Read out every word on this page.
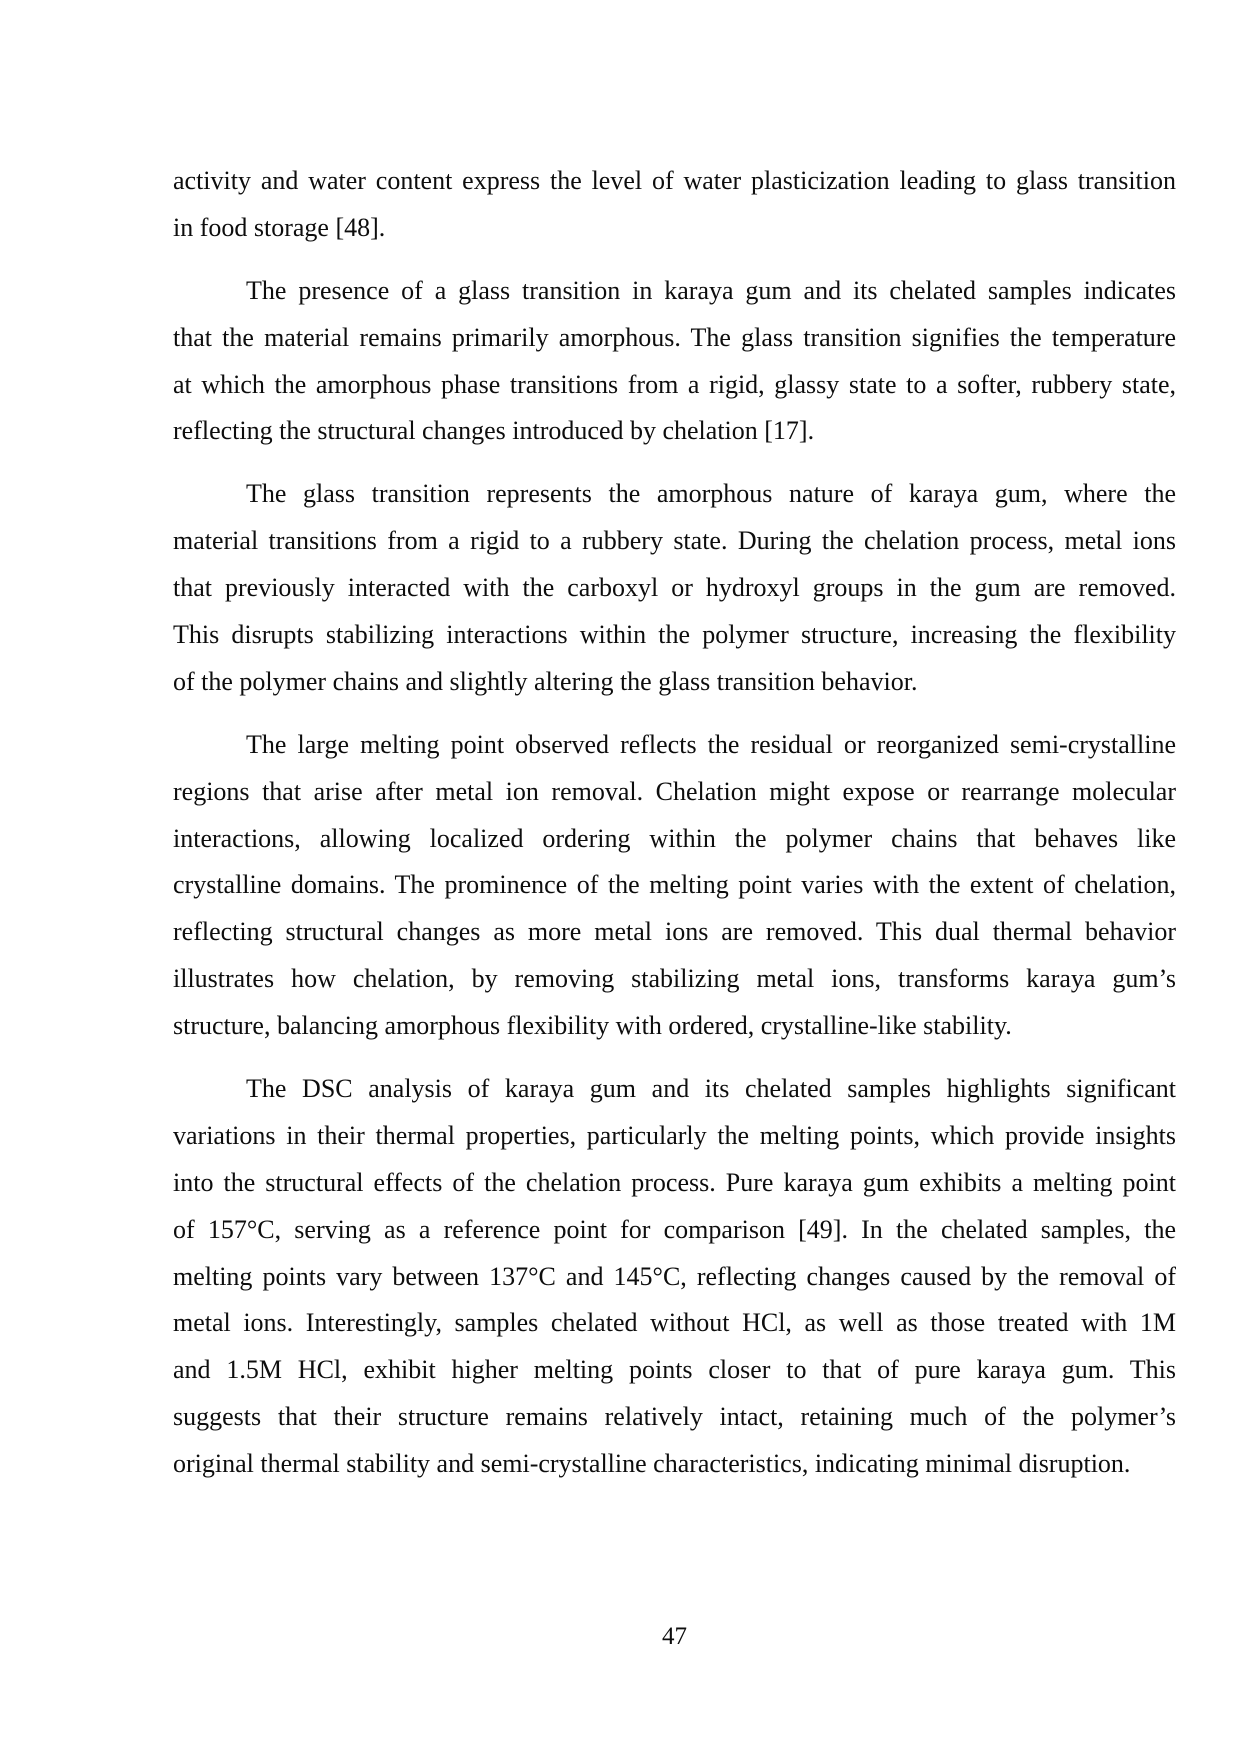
activity and water content express the level of water plasticization leading to glass transition
in food storage [48].
The presence of a glass transition in karaya gum and its chelated samples indicates
that the material remains primarily amorphous. The glass transition signifies the temperature
at which the amorphous phase transitions from a rigid, glassy state to a softer, rubbery state,
reflecting the structural changes introduced by chelation [17].
The glass transition represents the amorphous nature of karaya gum, where the
material transitions from a rigid to a rubbery state. During the chelation process, metal ions
that previously interacted with the carboxyl or hydroxyl groups in the gum are removed.
This disrupts stabilizing interactions within the polymer structure, increasing the flexibility
of the polymer chains and slightly altering the glass transition behavior.
The large melting point observed reflects the residual or reorganized semi-crystalline
regions that arise after metal ion removal. Chelation might expose or rearrange molecular
interactions, allowing localized ordering within the polymer chains that behaves like
crystalline domains. The prominence of the melting point varies with the extent of chelation,
reflecting structural changes as more metal ions are removed. This dual thermal behavior
illustrates how chelation, by removing stabilizing metal ions, transforms karaya gum’s
structure, balancing amorphous flexibility with ordered, crystalline-like stability.
The DSC analysis of karaya gum and its chelated samples highlights significant
variations in their thermal properties, particularly the melting points, which provide insights
into the structural effects of the chelation process. Pure karaya gum exhibits a melting point
of 157°C, serving as a reference point for comparison [49]. In the chelated samples, the
melting points vary between 137°C and 145°C, reflecting changes caused by the removal of
metal ions. Interestingly, samples chelated without HCl, as well as those treated with 1M
and 1.5M HCl, exhibit higher melting points closer to that of pure karaya gum. This
suggests that their structure remains relatively intact, retaining much of the polymer’s
original thermal stability and semi-crystalline characteristics, indicating minimal disruption.
47
